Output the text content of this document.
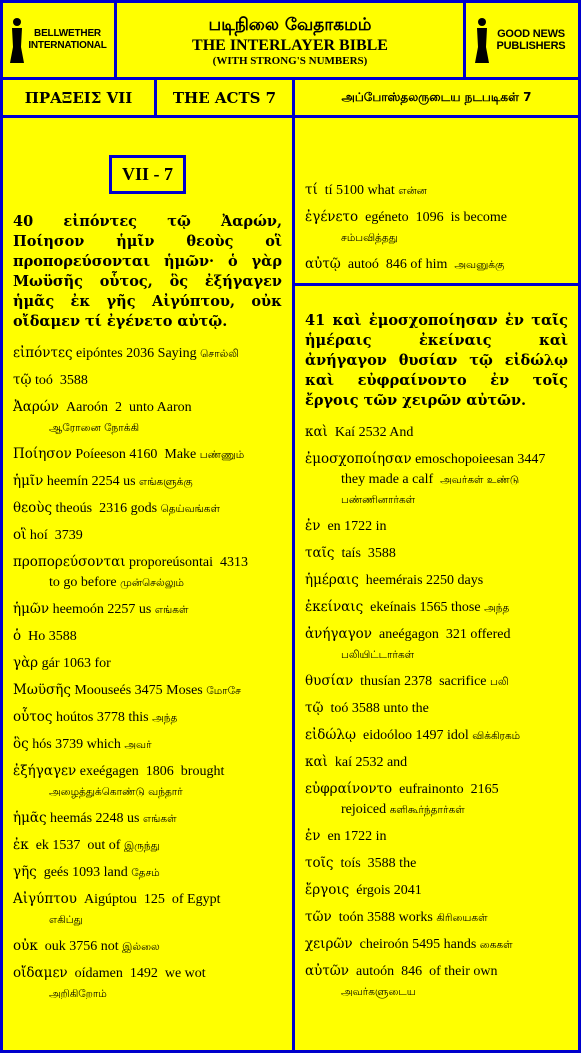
BELLWETHER
INTERNATIONAL
படிநிலை வேதாகமம்
THE INTERLAYER BIBLE
(WITH STRONG'S NUMBERS)
GOOD NEWS
PUBLISHERS
ΠΡΑΞΕΙΣ VII	THE ACTS 7	அப்போஸ்தலருடைய நடபடிகள் 7
VII - 7
40 εἰπόντες τῷ Ἀαρών, Ποίησον ἡμῖν θεοὺς οἳ προπορεύσονται ἡμῶν· ὁ γὰρ Μωϋσῆς οὗτος, ὃς ἐξήγαγεν ἡμᾶς ἐκ γῆς Αἰγύπτου, οὐκ οἴδαμεν τί ἐγένετο αὐτῷ.
εἰπόντες eipóntes 2036 Saying சொல்லி
τῷ toó  3588
Ἀαρών  Aaroón  2  unto Aaron
ஆரோனை நோக்கி
Ποίησον Poíeeson 4160  Make பண்ணும்
ἡμῖν heemín 2254 us எங்களுக்கு
θεοὺς theoús  2316 gods தெய்வங்கள்
οἳ hoí  3739
προπορεύσονται proporeúsontai  4313
to go before முன்செல்லும்
ἡμῶν heemoón 2257 us எங்கள்
ὁ  Ho 3588
γὰρ gár 1063 for
Μωϋσῆς Moouseés 3475 Moses மோசே
οὗτος hoútos 3778 this அந்த
ὃς hós 3739 which அவர்
ἐξήγαγεν exeégagen  1806  brought
அழைத்துக்கொண்டு வந்தார்
ἡμᾶς heemás 2248 us எங்கள்
ἐκ  ek 1537  out of இருந்து
γῆς  geés 1093 land தேசம்
Αἰγύπτου  Aigúptou  125  of Egypt
எகிப்து
οὐκ  ouk 3756 not இல்லை
οἴδαμεν  oídamen  1492  we wot
அறிகிறோம்
τί  tí 5100 what என்ன
ἐγένετο  egéneto  1096  is become
சம்பவித்தது
αὐτῷ  autoó  846 of him  அவனுக்கு
41 καὶ ἐμοσχοποίησαν ἐν ταῖς ἡμέραις ἐκείναις καὶ ἀνήγαγον θυσίαν τῷ εἰδώλῳ καὶ εὐφραίνοντο ἐν τοῖς ἔργοις τῶν χειρῶν αὐτῶν.
καὶ  Kaí 2532 And
ἐμοσχοποίησαν emoschopoieesan 3447
they made a calf  அவர்கள் உண்டு பண்ணினார்கள்
ἐν  en 1722 in
ταῖς  taís  3588
ἡμέραις  heemérais 2250 days
ἐκείναις  ekeínais 1565 those அந்த
ἀνήγαγον  aneégagon  321 offered
பலியிட்டார்கள்
θυσίαν  thusían 2378  sacrifice பலி
τῷ  toó 3588 unto the
εἰδώλῳ  eidoóloo 1497 idol விக்கிரகம்
καὶ  kaí 2532 and
εὐφραίνοντο  eufrainonto  2165
rejoiced களிகூர்ந்தார்கள்
ἐν  en 1722 in
τοῖς  toís  3588 the
ἔργοις  érgois 2041
τῶν  toón 3588 works கிரியைகள்
χειρῶν  cheiroón 5495 hands கைகள்
αὐτῶν  autoón  846  of their own
அவர்களுடைய
